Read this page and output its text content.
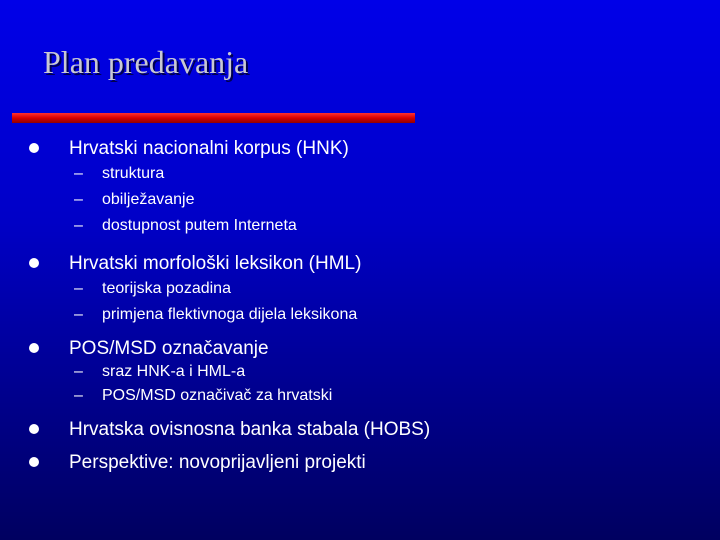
Plan predavanja
Hrvatski nacionalni korpus (HNK)
– struktura
– obilježavanje
– dostupnost putem Interneta
Hrvatski morfološki leksikon (HML)
– teorijska pozadina
– primjena flektivnoga dijela leksikona
POS/MSD označavanje
– sraz HNK-a i HML-a
– POS/MSD označivač za hrvatski
Hrvatska ovisnosna banka stabala (HOBS)
Perspektive: novoprijavljeni projekti
